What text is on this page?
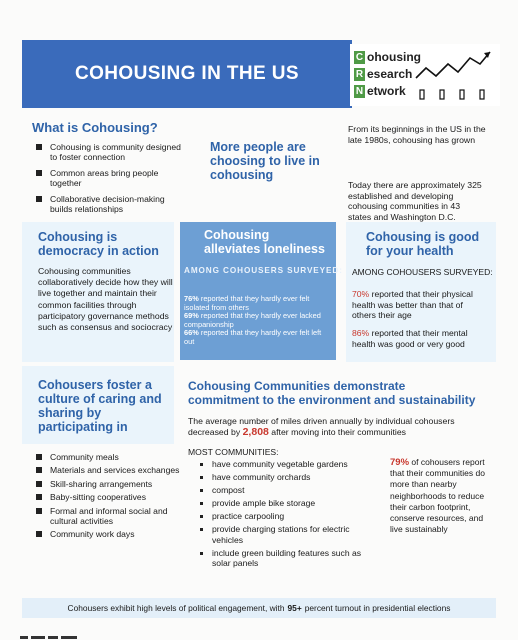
COHOUSING IN THE US
C ohousing
R esearch
N etwork
What is Cohousing?
Cohousing is community designed to foster connection
Common areas bring people together
Collaborative decision-making builds relationships
More people are choosing to live in cohousing
From its beginnings in the US in the late 1980s, cohousing has grown
Today there are approximately 325 established and developing cohousing communities in 43 states and Washington D.C.
Cohousing is democracy in action
Cohousing communities collaboratively decide how they will live together and maintain their common facilities through participatory governance methods such as consensus and sociocracy
Cohousing alleviates loneliness
AMONG COHOUSERS SURVEYED:
76% reported that they hardly ever felt isolated from others
69% reported that they hardly ever lacked companionship
66% reported that they hardly ever felt left out
Cohousing is good for your health
AMONG COHOUSERS SURVEYED:
70% reported that their physical health was better than that of others their age
86% reported that their mental health was good or very good
Cohousers foster a culture of caring and sharing by participating in
Community meals
Materials and services exchanges
Skill-sharing arrangements
Baby-sitting cooperatives
Formal and informal social and cultural activities
Community work days
Cohousing Communities demonstrate commitment to the environment and sustainability
The average number of miles driven annually by individual cohousers decreased by 2,808 after moving into their communities
MOST COMMUNITIES:
have community vegetable gardens
have community orchards
compost
provide ample bike storage
practice carpooling
provide charging stations for electric vehicles
include green building features such as solar panels
79% of cohousers report that their communities do more than nearby neighborhoods to reduce their carbon footprint, conserve resources, and live sustainably
Cohousers exhibit high levels of political engagement, with 95+ percent turnout in presidential elections
